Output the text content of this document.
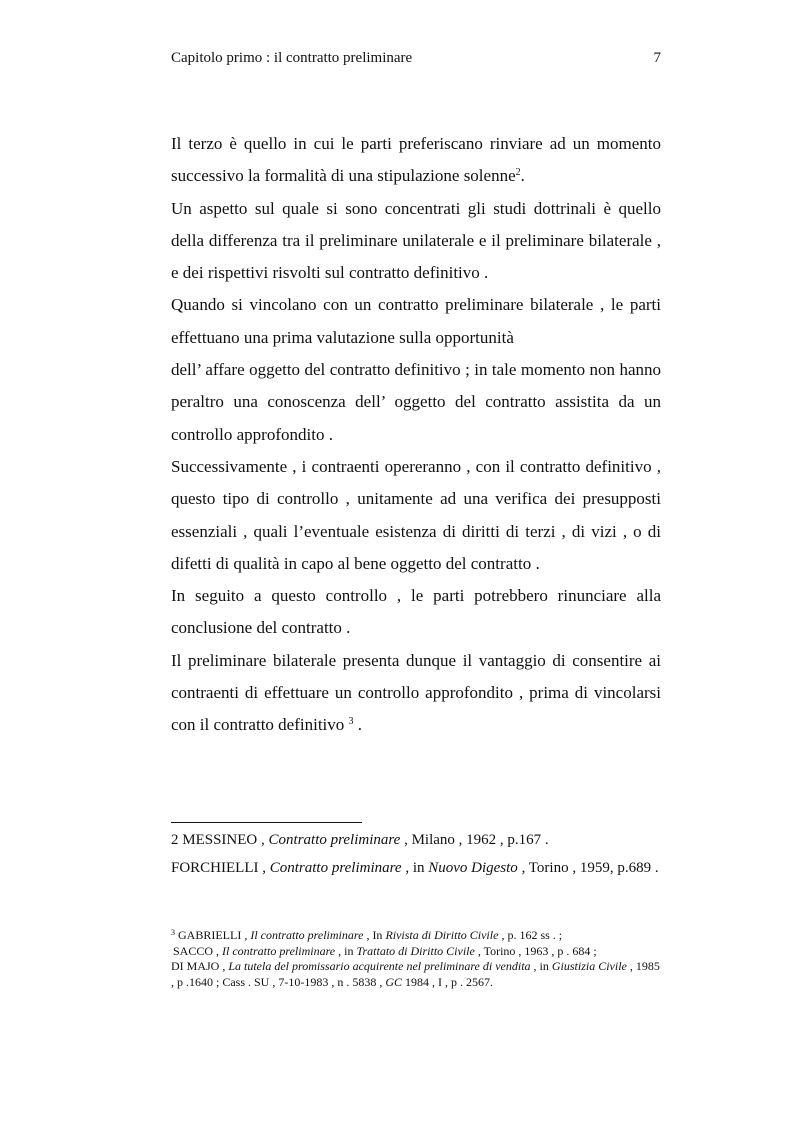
Capitolo primo : il contratto preliminare	7

Il terzo è quello in cui le parti preferiscano rinviare ad un momento successivo la formalità di una stipulazione solenne$^2$.

Un aspetto sul quale si sono concentrati gli studi dottrinali è quello della differenza tra il preliminare unilaterale e il preliminare bilaterale , e dei rispettivi risvolti sul contratto definitivo .

Quando si vincolano con un contratto preliminare bilaterale , le parti effettuano una prima valutazione sulla opportunità

dell’ affare oggetto del contratto definitivo ; in tale momento non hanno peraltro una conoscenza dell’ oggetto del contratto assistita da un controllo approfondito .

Successivamente , i contraenti opereranno , con il contratto definitivo , questo tipo di controllo , unitamente ad una verifica dei presupposti essenziali , quali l’eventuale esistenza di diritti di terzi , di vizi , o di difetti di qualità in capo al bene oggetto del contratto .

In seguito a questo controllo , le parti potrebbero rinunciare alla conclusione del contratto .

Il preliminare bilaterale presenta dunque il vantaggio di consentire ai contraenti di effettuare un controllo approfondito , prima di vincolarsi con il contratto definitivo $^3$ .

2 MESSINEO , Contratto preliminare , Milano , 1962 , p.167 .

FORCHIELLI , Contratto preliminare , in Nuovo Digesto , Torino , 1959, p.689 .

$^3$ GABRIELLI , Il contratto preliminare , In Rivista di Diritto Civile , p. 162 ss . ;

SACCO , Il contratto preliminare , in Trattato di Diritto Civile , Torino , 1963 , p . 684 ;

DI MAJO , La tutela del promissario acquirente nel preliminare di vendita , in Giustizia Civile , 1985 , p .1640 ; Cass . SU , 7-10-1983 , n . 5838 , GC 1984 , I , p . 2567.
